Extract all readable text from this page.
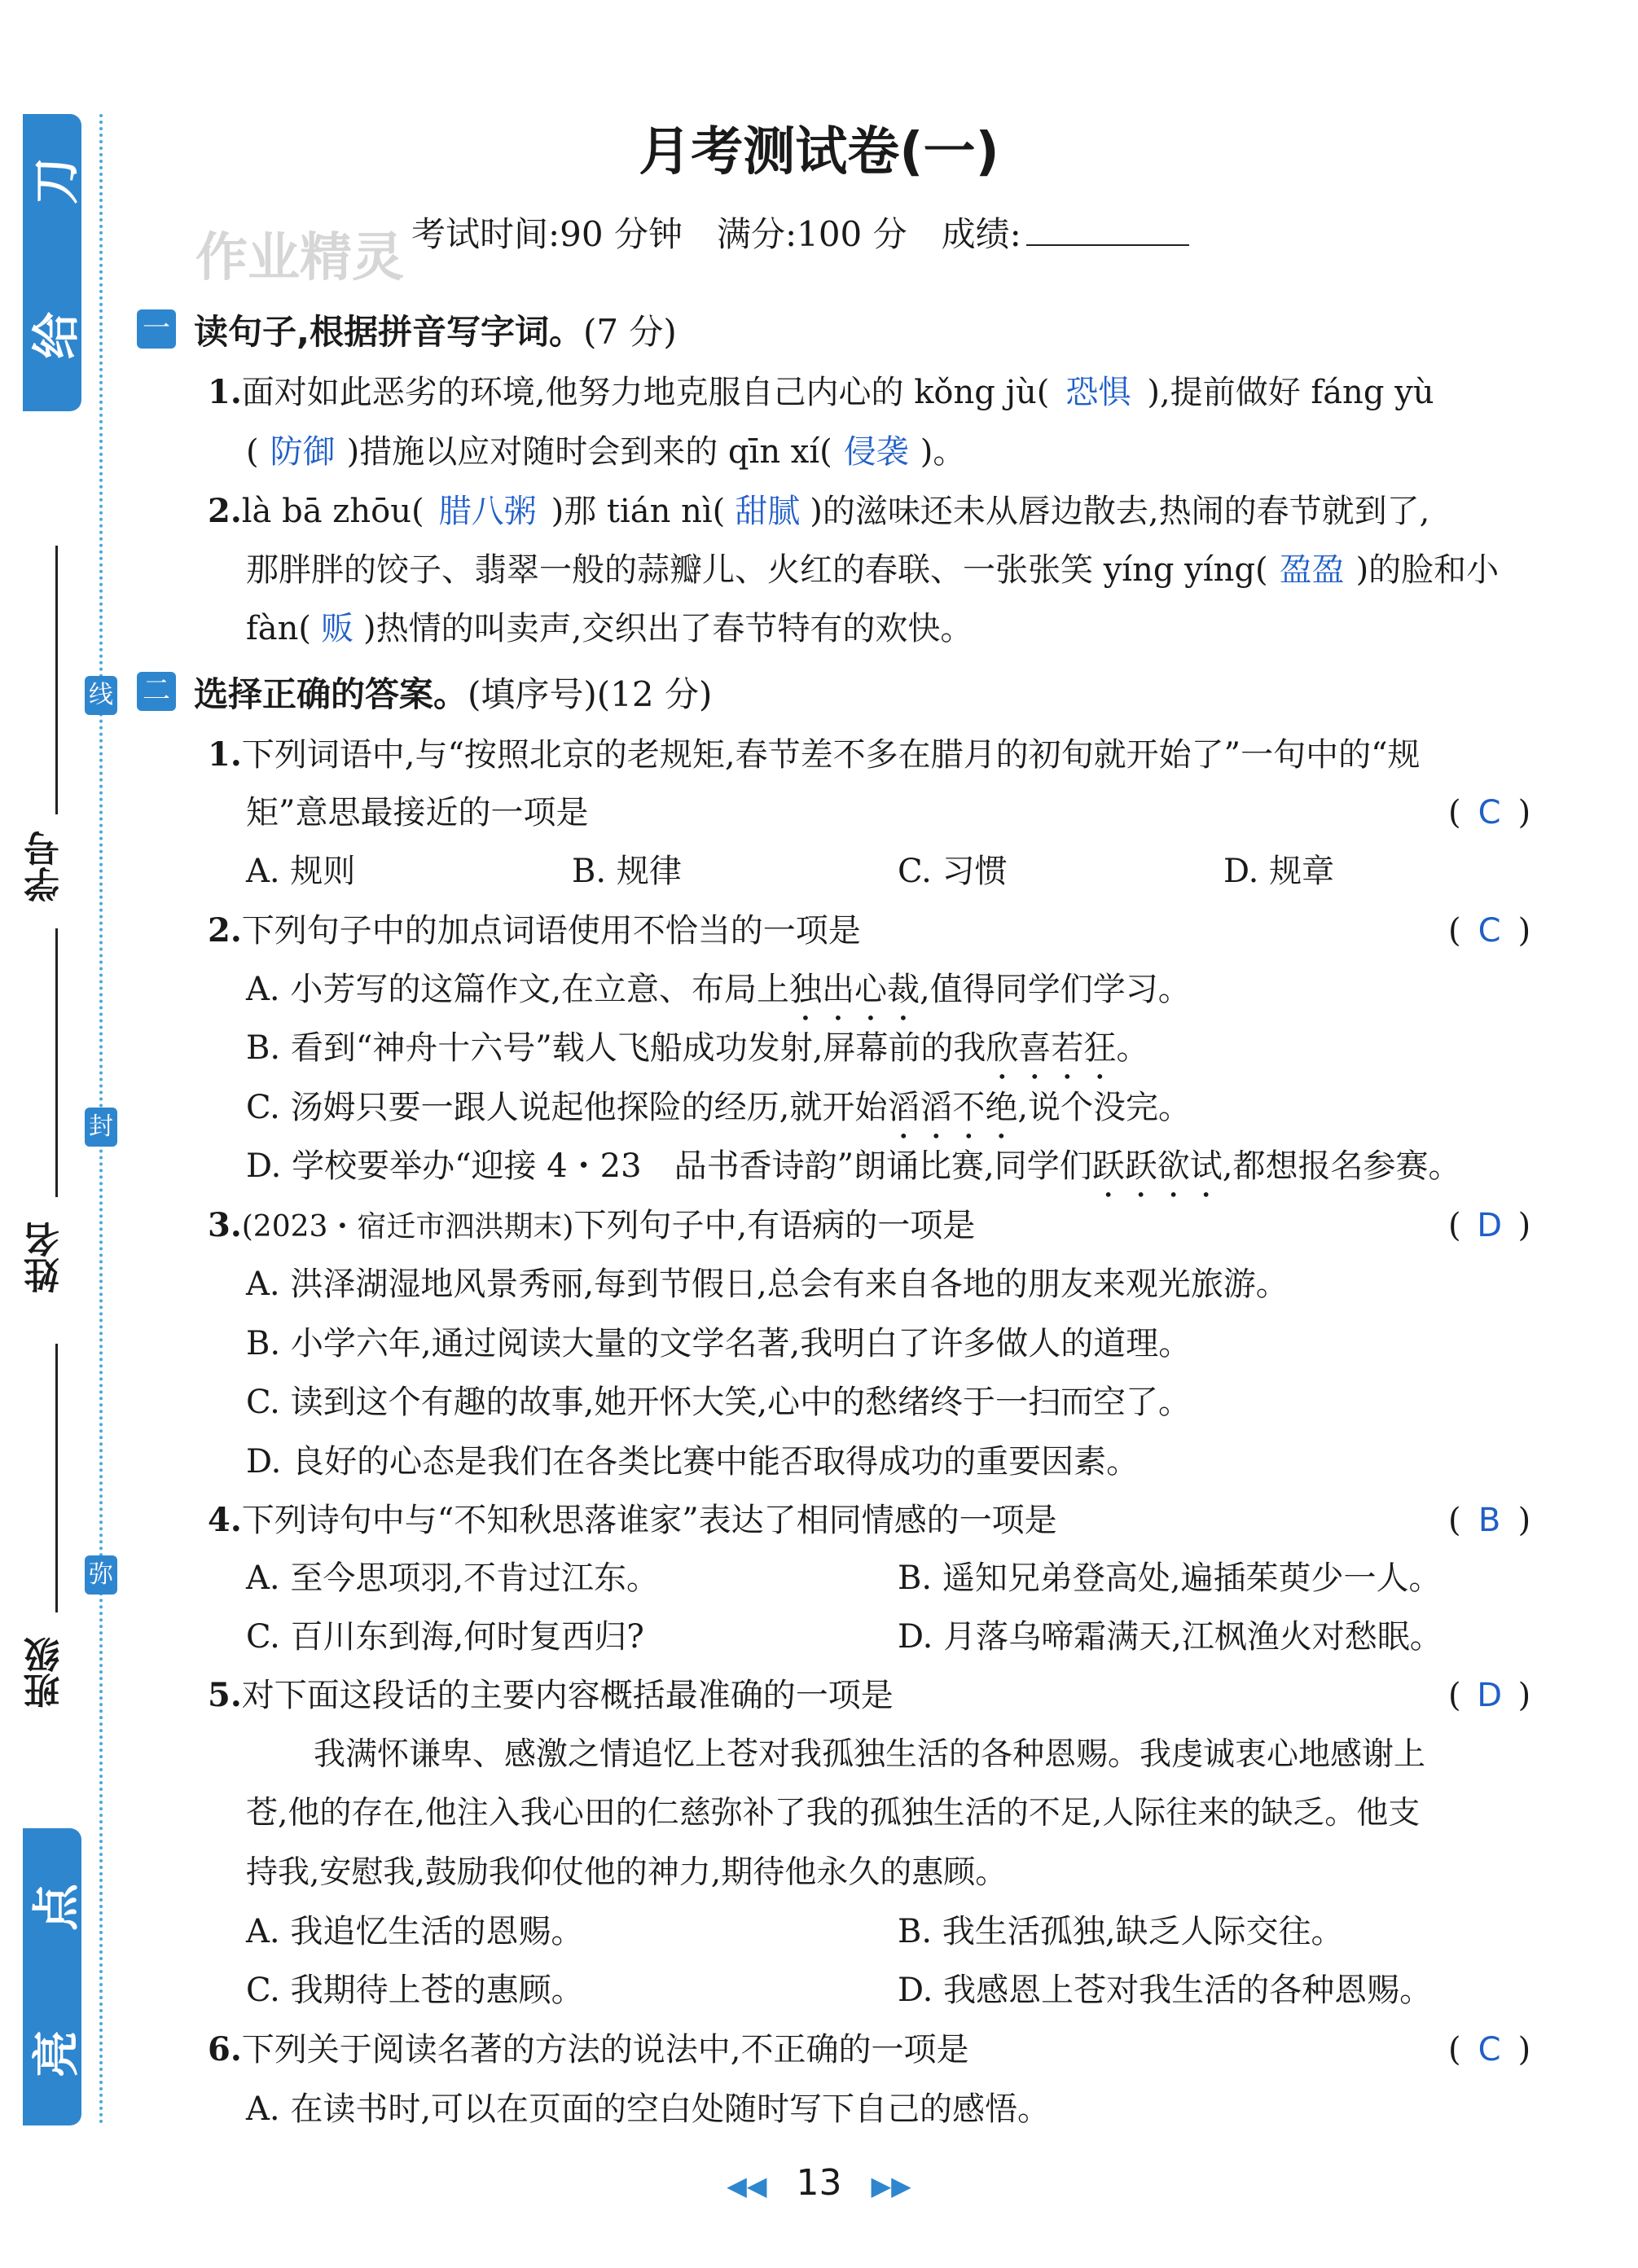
刀
给
点
亮
线
封
弥
学号
姓名
班级
月考测试卷(一)
作业精灵 考试时间:90 分钟　满分:100 分　成绩:
一 读句子,根据拼音写字词。(7 分)
1.面对如此恶劣的环境,他努力地克服自己内心的 kǒng jù( 恐惧 ),提前做好 fáng yù
( 防御 )措施以应对随时会到来的 qīn xí( 侵袭 )。
2.là bā zhōu( 腊八粥 )那 tián nì( 甜腻 )的滋味还未从唇边散去,热闹的春节就到了,
那胖胖的饺子、翡翠一般的蒜瓣儿、火红的春联、一张张笑 yíng yíng( 盈盈 )的脸和小
fàn( 贩 )热情的叫卖声,交织出了春节特有的欢快。
二 选择正确的答案。(填序号)(12 分)
1.下列词语中,与“按照北京的老规矩,春节差不多在腊月的初旬就开始了”一句中的“规
矩”意思最接近的一项是	( C )
A. 规则	B. 规律	C. 习惯	D. 规章
2.下列句子中的加点词语使用不恰当的一项是	( C )
A. 小芳写的这篇作文,在立意、布局上独出心裁,值得同学们学习。
B. 看到“神舟十六号”载人飞船成功发射,屏幕前的我欣喜若狂。
C. 汤姆只要一跟人说起他探险的经历,就开始滔滔不绝,说个没完。
D. 学校要举办“迎接 4・23　品书香诗韵”朗诵比赛,同学们跃跃欲试,都想报名参赛。
3.(2023・宿迁市泗洪期末)下列句子中,有语病的一项是	( D )
A. 洪泽湖湿地风景秀丽,每到节假日,总会有来自各地的朋友来观光旅游。
B. 小学六年,通过阅读大量的文学名著,我明白了许多做人的道理。
C. 读到这个有趣的故事,她开怀大笑,心中的愁绪终于一扫而空了。
D. 良好的心态是我们在各类比赛中能否取得成功的重要因素。
4.下列诗句中与“不知秋思落谁家”表达了相同情感的一项是	( B )
A. 至今思项羽,不肯过江东。	B. 遥知兄弟登高处,遍插茱萸少一人。
C. 百川东到海,何时复西归?	D. 月落乌啼霜满天,江枫渔火对愁眠。
5.对下面这段话的主要内容概括最准确的一项是	( D )
我满怀谦卑、感激之情追忆上苍对我孤独生活的各种恩赐。我虔诚衷心地感谢上
苍,他的存在,他注入我心田的仁慈弥补了我的孤独生活的不足,人际往来的缺乏。他支
持我,安慰我,鼓励我仰仗他的神力,期待他永久的惠顾。
A. 我追忆生活的恩赐。	B. 我生活孤独,缺乏人际交往。
C. 我期待上苍的惠顾。	D. 我感恩上苍对我生活的各种恩赐。
6.下列关于阅读名著的方法的说法中,不正确的一项是	( C )
A. 在读书时,可以在页面的空白处随时写下自己的感悟。
◀◀ 13 ▶▶
